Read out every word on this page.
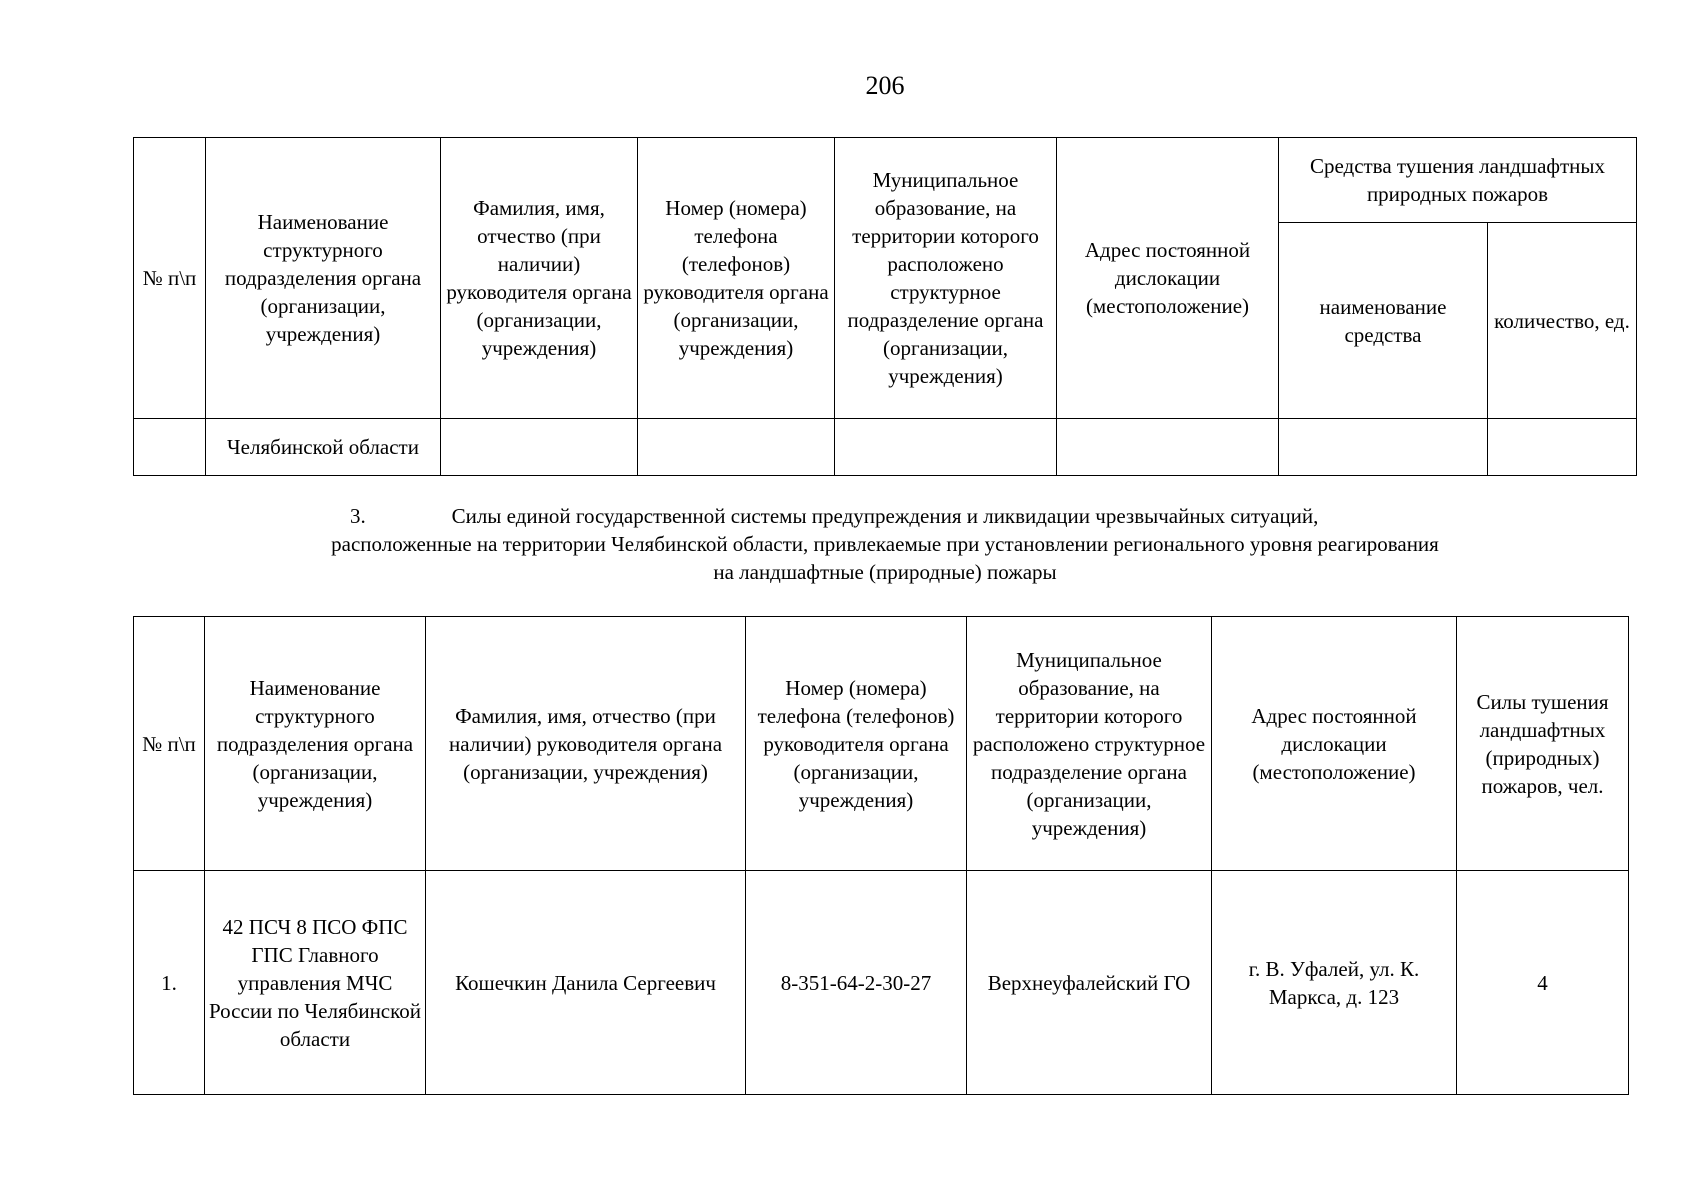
206
№ п\п	Наименование структурного подразделения органа (организации, учреждения)	Фамилия, имя, отчество (при наличии) руководителя органа (организации, учреждения)	Номер (номера) телефона (телефонов) руководителя органа (организации, учреждения)	Муниципальное образование, на территории которого расположено структурное подразделение органа (организации, учреждения)	Адрес постоянной дислокации (местоположение)	Средства тушения ландшафтных природных пожаров	
						наименование средства	количество, ед.
	Челябинской области						
3.	Силы единой государственной системы предупреждения и ликвидации чрезвычайных ситуаций,
расположенные на территории Челябинской области, привлекаемые при установлении регионального уровня реагирования
на ландшафтные (природные) пожары
№ п\п	Наименование структурного подразделения органа (организации, учреждения)	Фамилия, имя, отчество (при наличии) руководителя органа (организации, учреждения)	Номер (номера) телефона (телефонов) руководителя органа (организации, учреждения)	Муниципальное образование, на территории которого расположено структурное подразделение органа (организации, учреждения)	Адрес постоянной дислокации (местоположение)	Силы тушения ландшафтных (природных) пожаров, чел.
1.	42 ПСЧ 8 ПСО ФПС ГПС Главного управления МЧС России по Челябинской области	Кошечкин Данила Сергеевич	8-351-64-2-30-27	Верхнеуфалейский ГО	г. В. Уфалей, ул. К. Маркса, д. 123	4
